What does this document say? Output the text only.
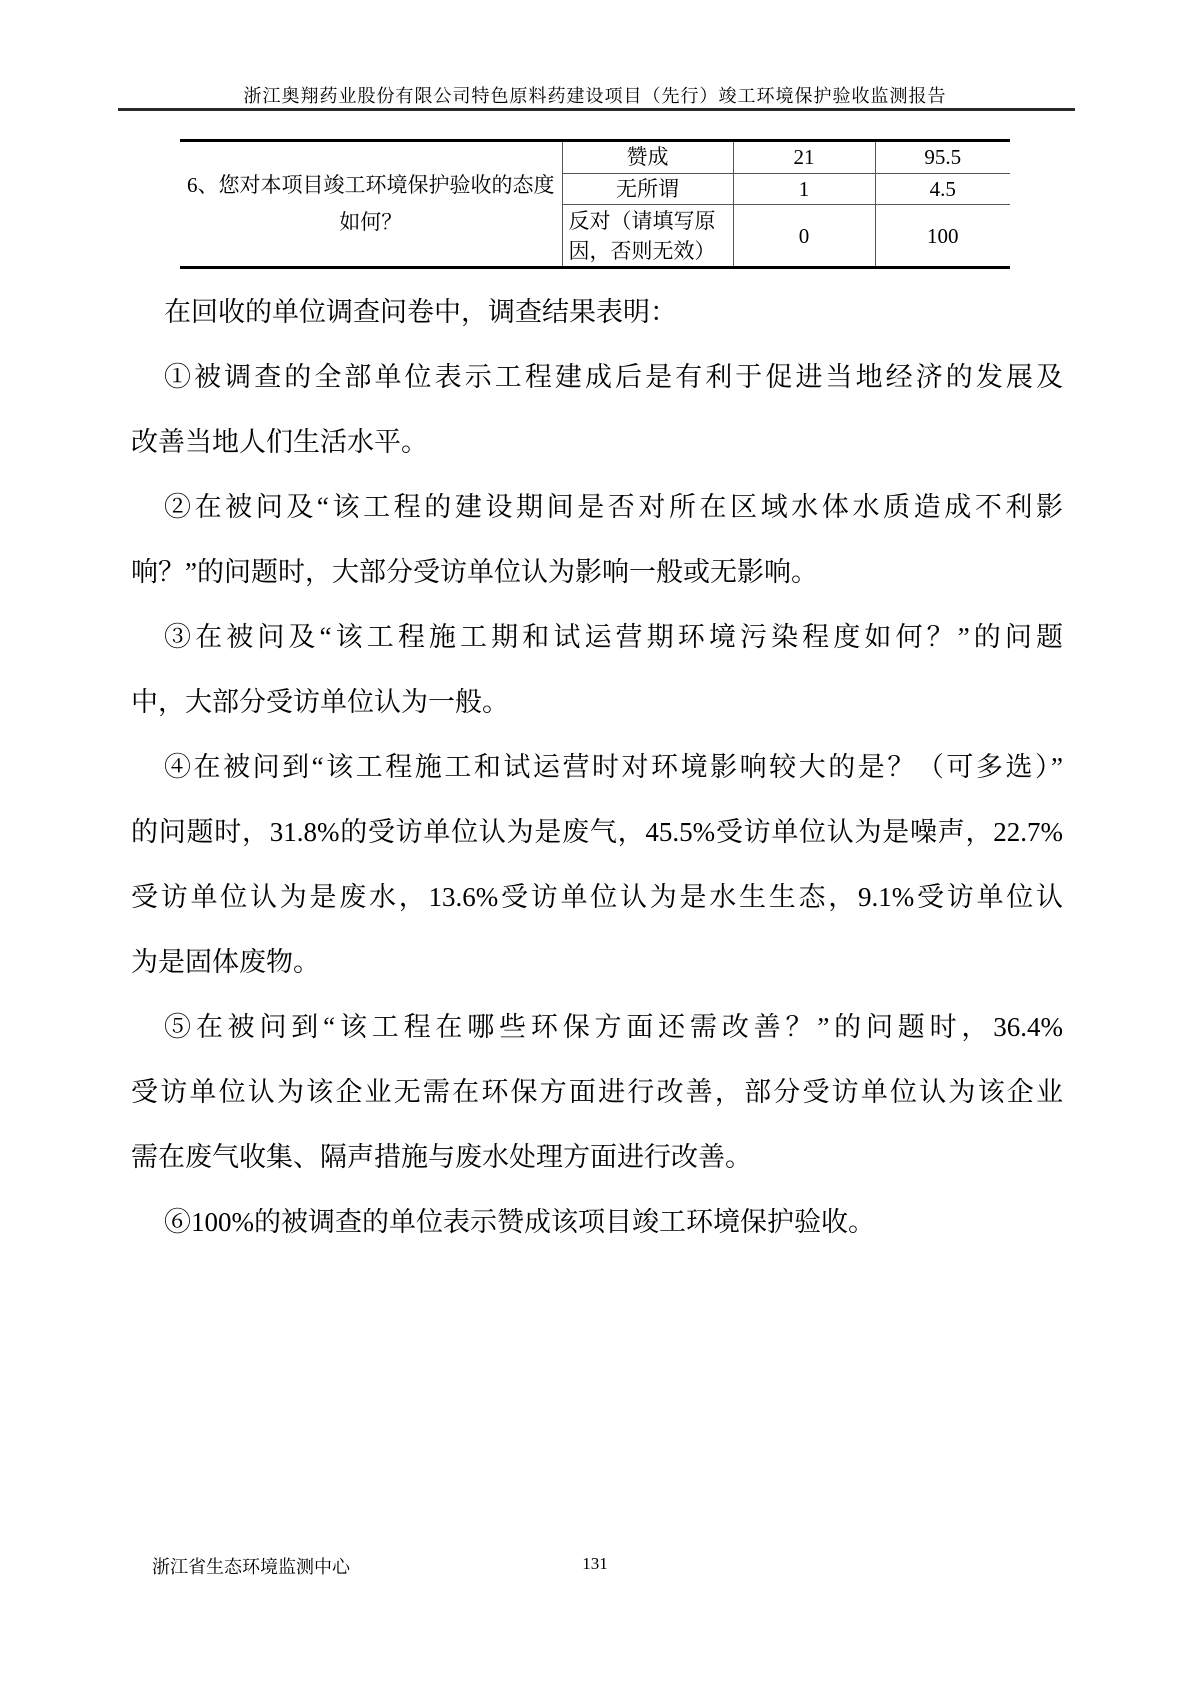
浙江奥翔药业股份有限公司特色原料药建设项目（先行）竣工环境保护验收监测报告
6、您对本项目竣工环境保护验收的态度如何？	赞成	21	95.5
	无所谓	1	4.5
	反对（请填写原因，否则无效）	0	100
在回收的单位调查问卷中，调查结果表明：
①被调查的全部单位表示工程建成后是有利于促进当地经济的发展及
改善当地人们生活水平。
②在被问及“该工程的建设期间是否对所在区域水体水质造成不利影
响？”的问题时，大部分受访单位认为影响一般或无影响。
③在被问及“该工程施工期和试运营期环境污染程度如何？”的问题
中，大部分受访单位认为一般。
④在被问到“该工程施工和试运营时对环境影响较大的是？（可多选）”
的问题时，31.8%的受访单位认为是废气，45.5%受访单位认为是噪声，22.7%
受访单位认为是废水，13.6%受访单位认为是水生生态，9.1%受访单位认
为是固体废物。
⑤在被问到“该工程在哪些环保方面还需改善？”的问题时，36.4%
受访单位认为该企业无需在环保方面进行改善，部分受访单位认为该企业
需在废气收集、隔声措施与废水处理方面进行改善。
⑥100%的被调查的单位表示赞成该项目竣工环境保护验收。
浙江省生态环境监测中心	131
